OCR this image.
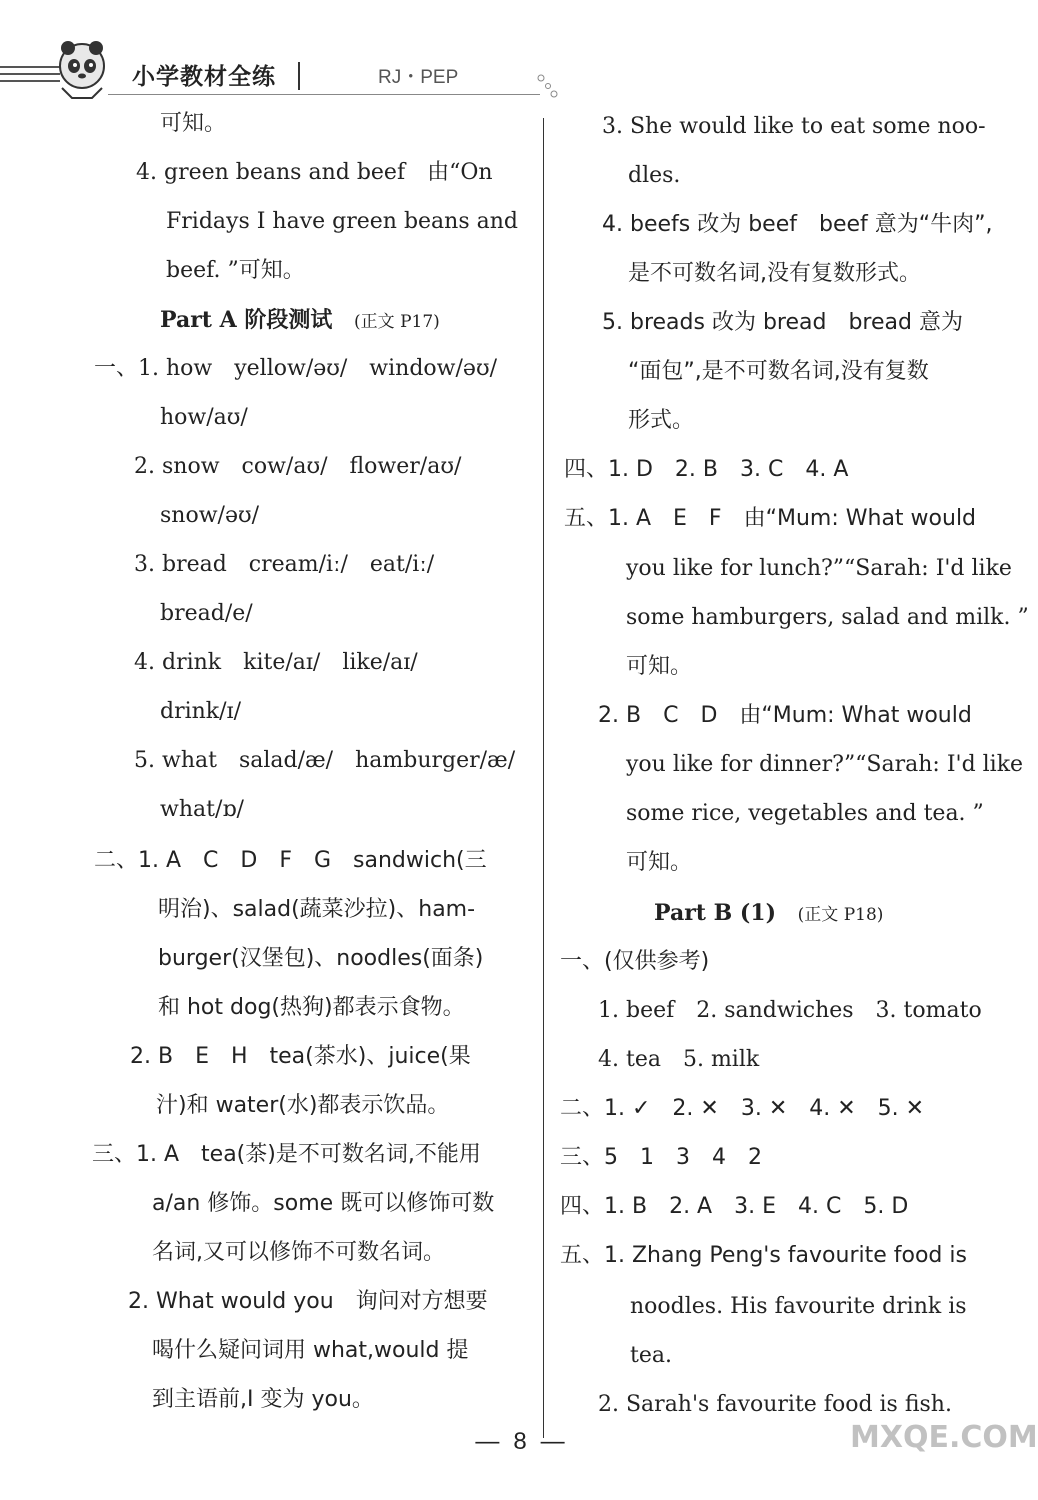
小学教材全练	RJ・PEP
可知。
4. green beans and beef　由“On
Fridays I have green beans and
beef. ”可知。
Part A 阶段测试 (正文 P17)
一、1. how　yellow/əʊ/　window/əʊ/
how/aʊ/
2. snow　cow/aʊ/　flower/aʊ/
snow/əʊ/
3. bread　cream/iː/　eat/iː/
bread/e/
4. drink　kite/aɪ/　like/aɪ/
drink/ɪ/
5. what　salad/æ/　hamburger/æ/
what/ɒ/
二、1. A　C　D　F　G　sandwich(三
明治)、salad(蔬菜沙拉)、ham-
burger(汉堡包)、noodles(面条)
和 hot dog(热狗)都表示食物。
2. B　E　H　tea(茶水)、juice(果
汁)和 water(水)都表示饮品。
三、1. A　tea(茶)是不可数名词,不能用
a/an 修饰。some 既可以修饰可数
名词,又可以修饰不可数名词。
2. What would you　询问对方想要
喝什么疑问词用 what,would 提
到主语前,I 变为 you。
3. She would like to eat some noo-
dles.
4. beefs 改为 beef　beef 意为“牛肉”,
是不可数名词,没有复数形式。
5. breads 改为 bread　bread 意为
“面包”,是不可数名词,没有复数
形式。
四、1. D　2. B　3. C　4. A
五、1. A　E　F　由“Mum: What would
you like for lunch?”“Sarah: I'd like
some hamburgers, salad and milk. ”
可知。
2. B　C　D　由“Mum: What would
you like for dinner?”“Sarah: I'd like
some rice, vegetables and tea. ”
可知。
Part B (1) (正文 P18)
一、(仅供参考)
1. beef　2. sandwiches　3. tomato
4. tea　5. milk
二、1. ✓　2. ✕　3. ✕　4. ✕　5. ✕
三、5　1　3　4　2
四、1. B　2. A　3. E　4. C　5. D
五、1. Zhang Peng's favourite food is
noodles. His favourite drink is
tea.
2. Sarah's favourite food is fish.
— 8 —	MXQE.COM
